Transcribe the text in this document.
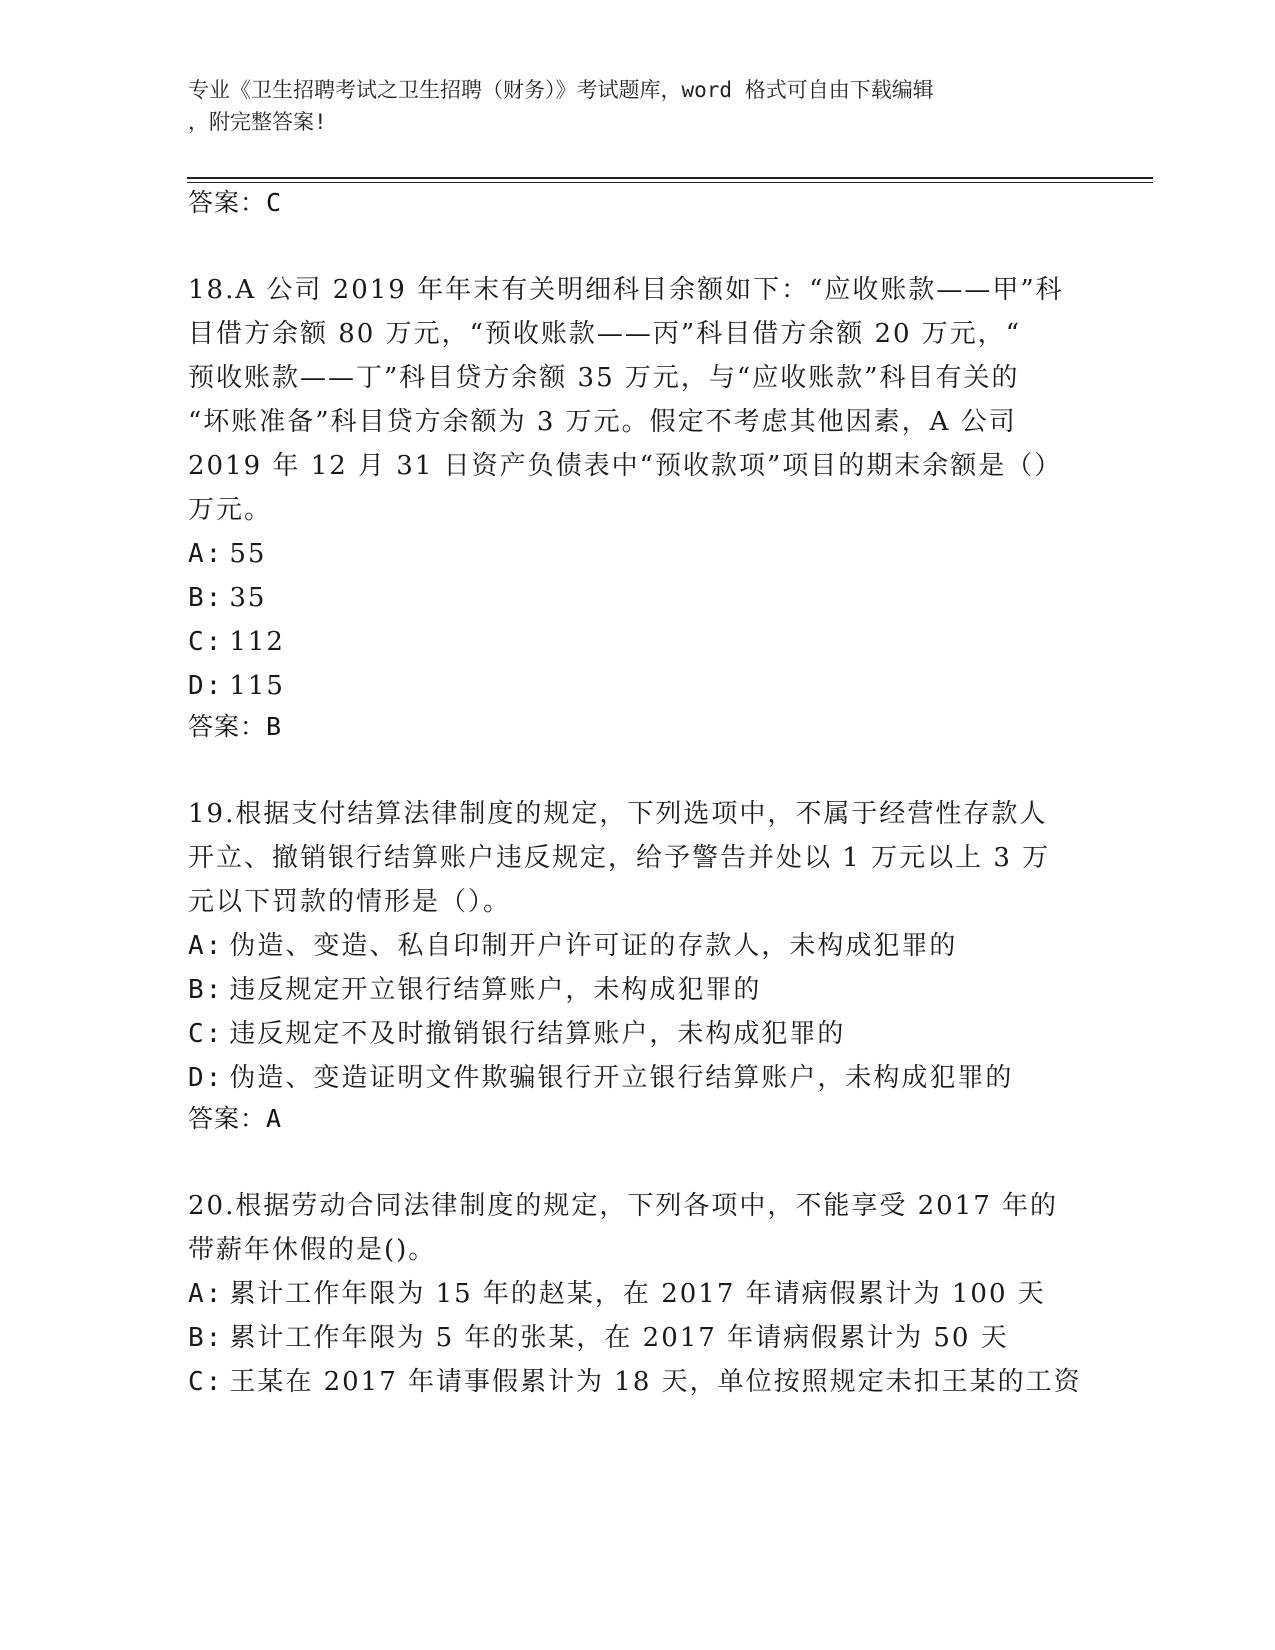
专业《卫生招聘考试之卫生招聘（财务）》考试题库，word 格式可自由下载编辑
，附完整答案!
答案：C
18.A 公司 2019 年年末有关明细科目余额如下：“应收账款——甲”科
目借方余额 80 万元，“预收账款——丙”科目借方余额 20 万元，“
预收账款——丁”科目贷方余额 35 万元，与“应收账款”科目有关的
“坏账准备”科目贷方余额为 3 万元。假定不考虑其他因素，A 公司
2019 年 12 月 31 日资产负债表中“预收款项”项目的期末余额是（）
万元。
A: 55
B: 35
C: 112
D: 115
答案：B
19.根据支付结算法律制度的规定，下列选项中，不属于经营性存款人
开立、撤销银行结算账户违反规定，给予警告并处以 1 万元以上 3 万
元以下罚款的情形是（）。
A: 伪造、变造、私自印制开户许可证的存款人，未构成犯罪的
B: 违反规定开立银行结算账户，未构成犯罪的
C: 违反规定不及时撤销银行结算账户，未构成犯罪的
D: 伪造、变造证明文件欺骗银行开立银行结算账户，未构成犯罪的
答案：A
20.根据劳动合同法律制度的规定，下列各项中，不能享受 2017 年的
带薪年休假的是()。
A: 累计工作年限为 15 年的赵某，在 2017 年请病假累计为 100 天
B: 累计工作年限为 5 年的张某，在 2017 年请病假累计为 50 天
C: 王某在 2017 年请事假累计为 18 天，单位按照规定未扣王某的工资
